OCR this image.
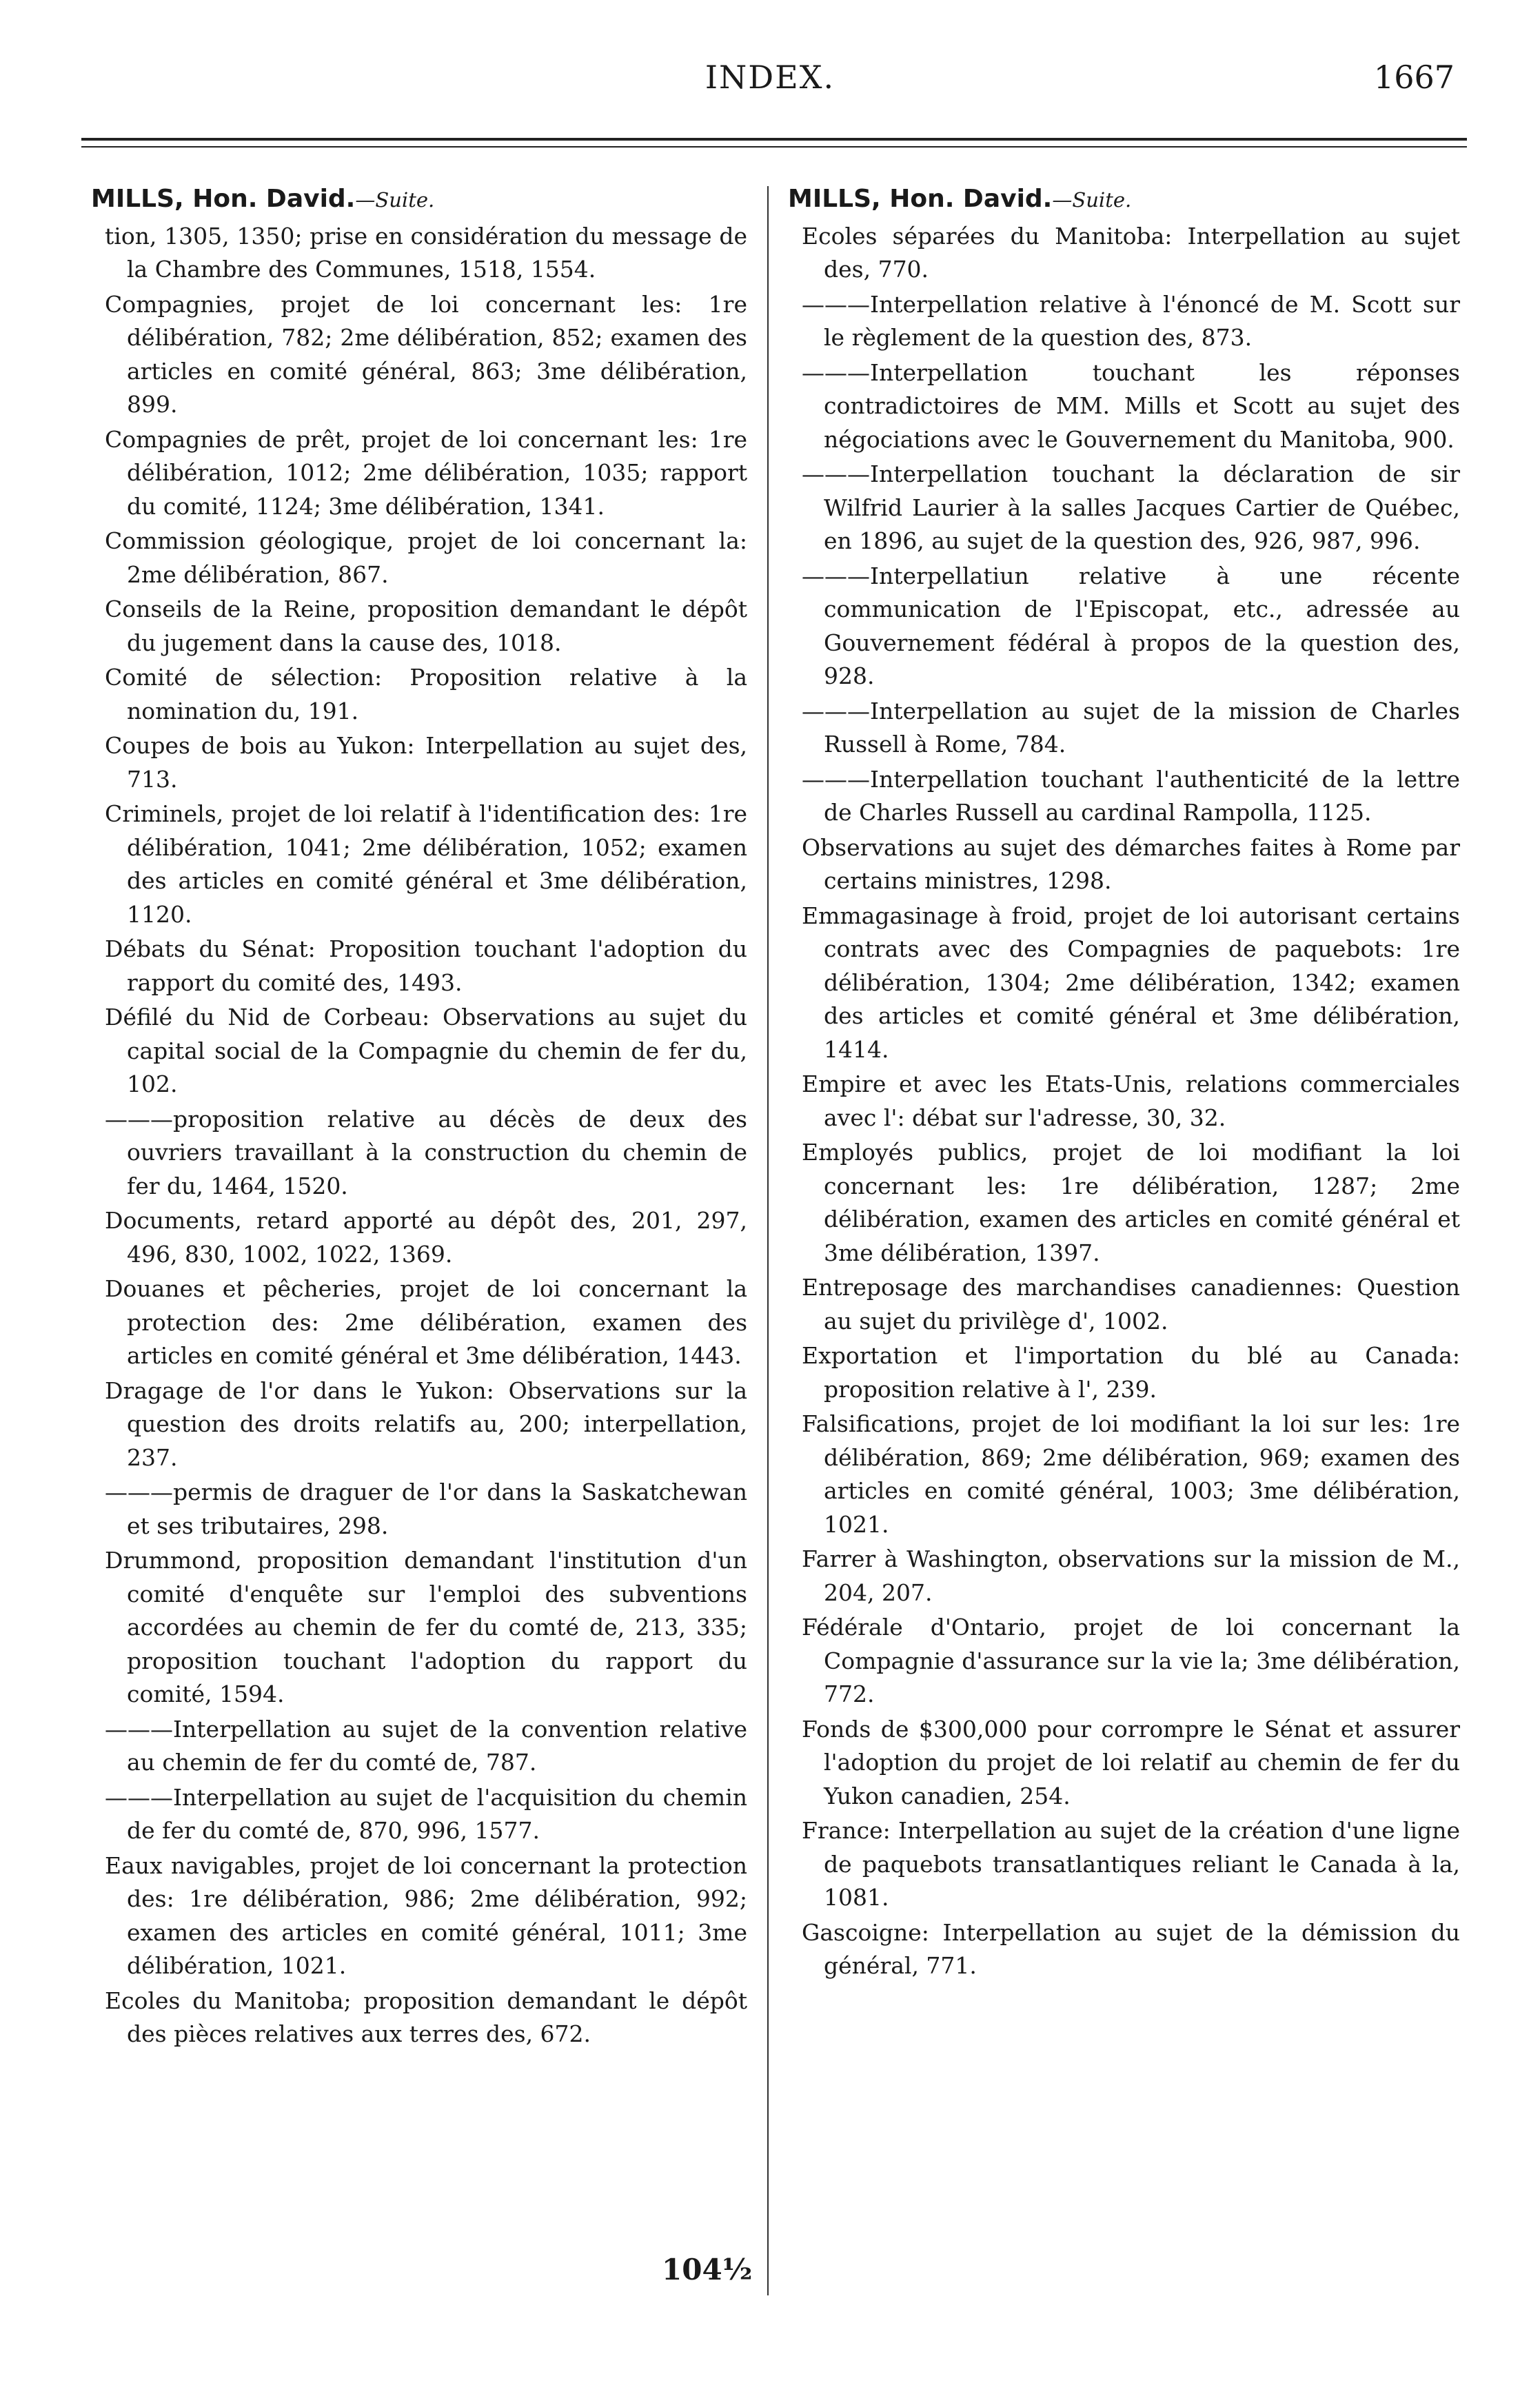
INDEX.	1667

MILLS, Hon. David.—Suite.

tion, 1305, 1350; prise en considération du message de la Chambre des Communes, 1518, 1554.

Compagnies, projet de loi concernant les: 1re délibération, 782; 2me délibération, 852; examen des articles en comité général, 863; 3me délibération, 899.

Compagnies de prêt, projet de loi concernant les: 1re délibération, 1012; 2me délibération, 1035; rapport du comité, 1124; 3me délibération, 1341.

Commission géologique, projet de loi concernant la: 2me délibération, 867.

Conseils de la Reine, proposition demandant le dépôt du jugement dans la cause des, 1018.

Comité de sélection: Proposition relative à la nomination du, 191.

Coupes de bois au Yukon: Interpellation au sujet des, 713.

Criminels, projet de loi relatif à l'identification des: 1re délibération, 1041; 2me délibération, 1052; examen des articles en comité général et 3me délibération, 1120.

Débats du Sénat: Proposition touchant l'adoption du rapport du comité des, 1493.

Défilé du Nid de Corbeau: Observations au sujet du capital social de la Compagnie du chemin de fer du, 102.

———proposition relative au décès de deux des ouvriers travaillant à la construction du chemin de fer du, 1464, 1520.

Documents, retard apporté au dépôt des, 201, 297, 496, 830, 1002, 1022, 1369.

Douanes et pêcheries, projet de loi concernant la protection des: 2me délibération, examen des articles en comité général et 3me délibération, 1443.

Dragage de l'or dans le Yukon: Observations sur la question des droits relatifs au, 200; interpellation, 237.

———permis de draguer de l'or dans la Saskatchewan et ses tributaires, 298.

Drummond, proposition demandant l'institution d'un comité d'enquête sur l'emploi des subventions accordées au chemin de fer du comté de, 213, 335; proposition touchant l'adoption du rapport du comité, 1594.

———Interpellation au sujet de la convention relative au chemin de fer du comté de, 787.

———Interpellation au sujet de l'acquisition du chemin de fer du comté de, 870, 996, 1577.

Eaux navigables, projet de loi concernant la protection des: 1re délibération, 986; 2me délibération, 992; examen des articles en comité général, 1011; 3me délibération, 1021.

Ecoles du Manitoba; proposition demandant le dépôt des pièces relatives aux terres des, 672.

MILLS, Hon. David.—Suite.

Ecoles séparées du Manitoba: Interpellation au sujet des, 770.

———Interpellation relative à l'énoncé de M. Scott sur le règlement de la question des, 873.

———Interpellation touchant les réponses contradictoires de MM. Mills et Scott au sujet des négociations avec le Gouvernement du Manitoba, 900.

———Interpellation touchant la déclaration de sir Wilfrid Laurier à la salles Jacques Cartier de Québec, en 1896, au sujet de la question des, 926, 987, 996.

———Interpellatiun relative à une récente communication de l'Episcopat, etc., adressée au Gouvernement fédéral à propos de la question des, 928.

———Interpellation au sujet de la mission de Charles Russell à Rome, 784.

———Interpellation touchant l'authenticité de la lettre de Charles Russell au cardinal Rampolla, 1125.

Observations au sujet des démarches faites à Rome par certains ministres, 1298.

Emmagasinage à froid, projet de loi autorisant certains contrats avec des Compagnies de paquebots: 1re délibération, 1304; 2me délibération, 1342; examen des articles et comité général et 3me délibération, 1414.

Empire et avec les Etats-Unis, relations commerciales avec l': débat sur l'adresse, 30, 32.

Employés publics, projet de loi modifiant la loi concernant les: 1re délibération, 1287; 2me délibération, examen des articles en comité général et 3me délibération, 1397.

Entreposage des marchandises canadiennes: Question au sujet du privilège d', 1002.

Exportation et l'importation du blé au Canada: proposition relative à l', 239.

Falsifications, projet de loi modifiant la loi sur les: 1re délibération, 869; 2me délibération, 969; examen des articles en comité général, 1003; 3me délibération, 1021.

Farrer à Washington, observations sur la mission de M., 204, 207.

Fédérale d'Ontario, projet de loi concernant la Compagnie d'assurance sur la vie la; 3me délibération, 772.

Fonds de $300,000 pour corrompre le Sénat et assurer l'adoption du projet de loi relatif au chemin de fer du Yukon canadien, 254.

France: Interpellation au sujet de la création d'une ligne de paquebots transatlantiques reliant le Canada à la, 1081.

Gascoigne: Interpellation au sujet de la démission du général, 771.

104½
